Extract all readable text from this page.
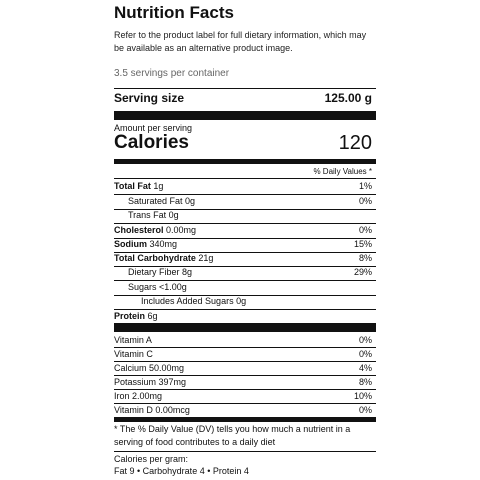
Nutrition Facts
Refer to the product label for full dietary information, which may be available as an alternative product image.
3.5 servings per container
Serving size	125.00 g
Amount per serving
Calories	120
% Daily Values *
Total Fat 1g	1%
Saturated Fat 0g	0%
Trans Fat 0g
Cholesterol 0.00mg	0%
Sodium 340mg	15%
Total Carbohydrate 21g	8%
Dietary Fiber 8g	29%
Sugars <1.00g
Includes Added Sugars 0g
Protein 6g
Vitamin A	0%
Vitamin C	0%
Calcium 50.00mg	4%
Potassium 397mg	8%
Iron 2.00mg	10%
Vitamin D 0.00mcg	0%
* The % Daily Value (DV) tells you how much a nutrient in a serving of food contributes to a daily diet
Calories per gram:
Fat 9 • Carbohydrate 4 • Protein 4
